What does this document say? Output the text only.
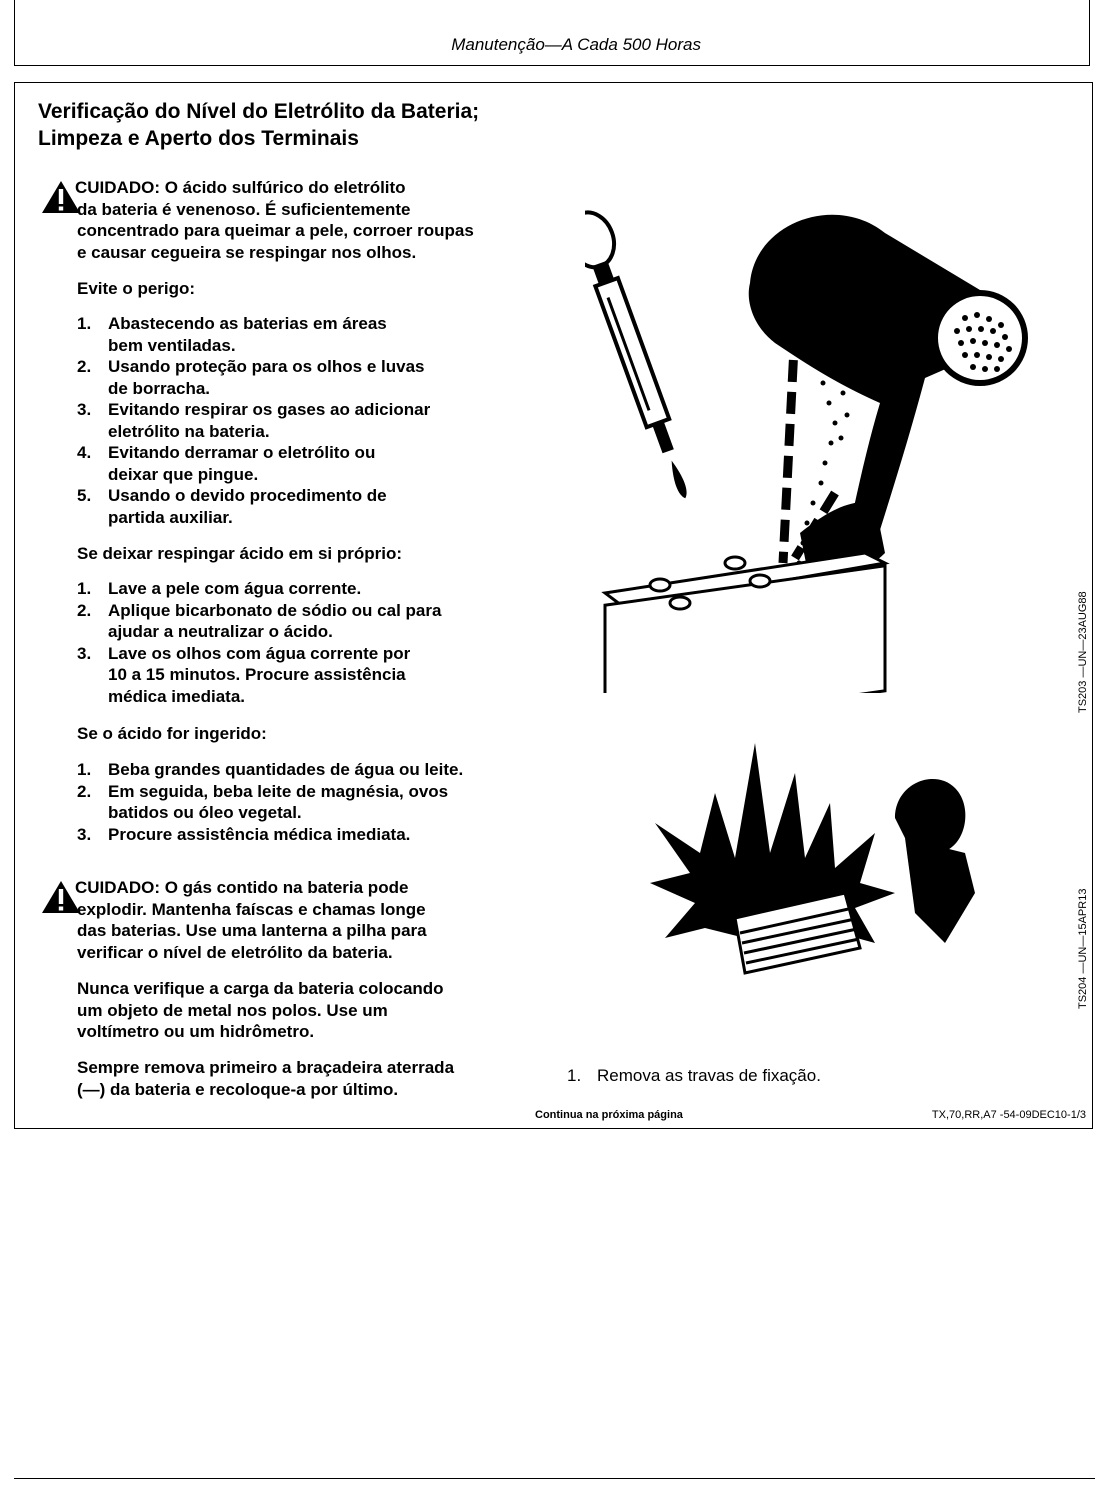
Manutenção—A Cada 500 Horas
Verificação do Nível do Eletrólito da Bateria;
Limpeza e Aperto dos Terminais

CUIDADO: O ácido sulfúrico do eletrólito

da bateria é venenoso. É suficientemente

concentrado para queimar a pele, corroer roupas

e causar cegueira se respingar nos olhos.

Evite o perigo:

1. Abastecendo as baterias em áreas
bem ventiladas.
2. Usando proteção para os olhos e luvas
de borracha.
3. Evitando respirar os gases ao adicionar
eletrólito na bateria.
4. Evitando derramar o eletrólito ou
deixar que pingue.
5. Usando o devido procedimento de
partida auxiliar.

Se deixar respingar ácido em si próprio:

1. Lave a pele com água corrente.
2. Aplique bicarbonato de sódio ou cal para
ajudar a neutralizar o ácido.
3. Lave os olhos com água corrente por
10 a 15 minutos. Procure assistência
médica imediata.

Se o ácido for ingerido:

1. Beba grandes quantidades de água ou leite.
2. Em seguida, beba leite de magnésia, ovos
batidos ou óleo vegetal.
3. Procure assistência médica imediata.

CUIDADO: O gás contido na bateria pode

explodir. Mantenha faíscas e chamas longe

das baterias. Use uma lanterna a pilha para

verificar o nível de eletrólito da bateria.

Nunca verifique a carga da bateria colocando

um objeto de metal nos polos. Use um

voltímetro ou um hidrômetro.

Sempre remova primeiro a braçadeira aterrada

(—) da bateria e recoloque-a por último.

TS203 —UN—23AUG88
TS204 —UN—15APR13
1. Remova as travas de fixação.
Continua na próxima página	TX,70,RR,A7 -54-09DEC10-1/3
